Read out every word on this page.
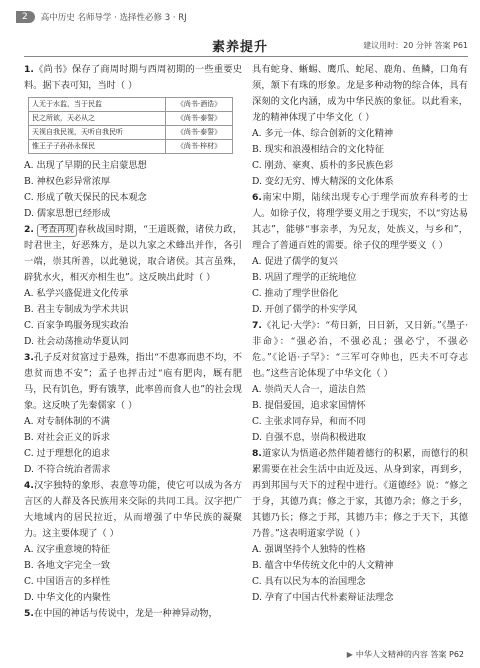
2	高中历史 名师导学 · 选择性必修 3 · RJ
素养提升	建议用时：20 分钟 答案 P61

1.《尚书》保存了商周时期与西周初期的一些重要史料。据下表可知，当时（ ）

人无于水监，当于民监	《尚书·酒诰》
民之所欲，天必从之	《尚书·泰誓》
天视自我民视，天听自我民听	《尚书·泰誓》
惟王子子孙孙永保民	《尚书·梓材》

A. 出现了早期的民主启蒙思想

B. 神权色彩异常浓厚

C. 形成了敬天保民的民本观念

D. 儒家思想已经形成

2. 考查再现 春秋战国时期，“王道既微，诸侯力政，时君世主，好恶殊方，是以九家之术蜂出并作，各引一端，崇其所善，以此驰说，取合诸侯。其言虽殊，辟犹水火，相灭亦相生也”。这反映出此时（ ）

A. 私学兴盛促进文化传承

B. 君主专制成为学术共识

C. 百家争鸣服务现实政治

D. 社会动荡推动华夏认同

3.孔子反对贫富过于悬殊，指出“不患寡而患不均，不患贫而患不安”；孟子也抨击过“庖有肥肉，厩有肥马，民有饥色，野有饿莩，此率兽而食人也”的社会现象。这反映了先秦儒家（ ）

A. 对专制体制的不满

B. 对社会正义的诉求

C. 过于理想化的追求

D. 不符合统治者需求

4.汉字独特的象形、表意等功能，使它可以成为各方言区的人群及各民族用来交际的共同工具。汉字把广大地域内的居民拉近，从而增强了中华民族的凝聚力。这主要体现了（ ）

A. 汉字重意境的特征

B. 各地文字完全一致

C. 中国语言的多样性

D. 中华文化的内聚性

5.在中国的神话与传说中，龙是一种神异动物，

具有蛇身、蜥蜴、鹰爪、蛇尾、鹿角、鱼鳞，口角有须，颔下有珠的形象。龙是多种动物的综合体，具有深刻的文化内涵，成为中华民族的象征。以此看来，龙的精神体现了中华文化（ ）

A. 多元一体、综合创新的文化精神

B. 现实和浪漫相结合的文化特征

C. 刚劲、豪爽、质朴的多民族色彩

D. 变幻无穷、博大精深的文化体系

6.南宋中期，陆续出现专心于理学而放弃科考的士人。如徐子仪，将理学要义用之于现实，不以“穷达易其志”，能够“事亲孝，为兄友，处族义，与乡和”，理合了普通百姓的需要。徐子仪的理学要义（ ）

A. 促进了儒学的复兴

B. 巩固了理学的正统地位

C. 推动了理学世俗化

D. 开创了儒学的朴实学风

7.《礼记·大学》：“苟日新，日日新，又日新。”《墨子·非命》：“强必治，不强必乱；强必宁，不强必危。”《论语·子罕》：“三军可夺帅也，匹夫不可夺志也。”这些言论体现了中华文化（ ）

A. 崇尚天人合一，道法自然

B. 提倡爱国，追求家国情怀

C. 主张求同存异，和而不同

D. 自强不息，崇尚积极进取

8.道家认为悟道必然伴随着德行的积累，而德行的积累需要在社会生活中由近及远、从身到家，再到乡，再到邦国与天下的过程中进行。《道德经》说：“修之于身，其德乃真；修之于家，其德乃余；修之于乡，其德乃长；修之于邦，其德乃丰；修之于天下，其德乃普。”这表明道家学说（ ）

A. 强调坚持个人独特的性格

B. 蕴含中华传统文化中的人文精神

C. 具有以民为本的治国理念

D. 孕育了中国古代朴素辩证法理念

▶ 中华人文精神的内容 答案 P62
